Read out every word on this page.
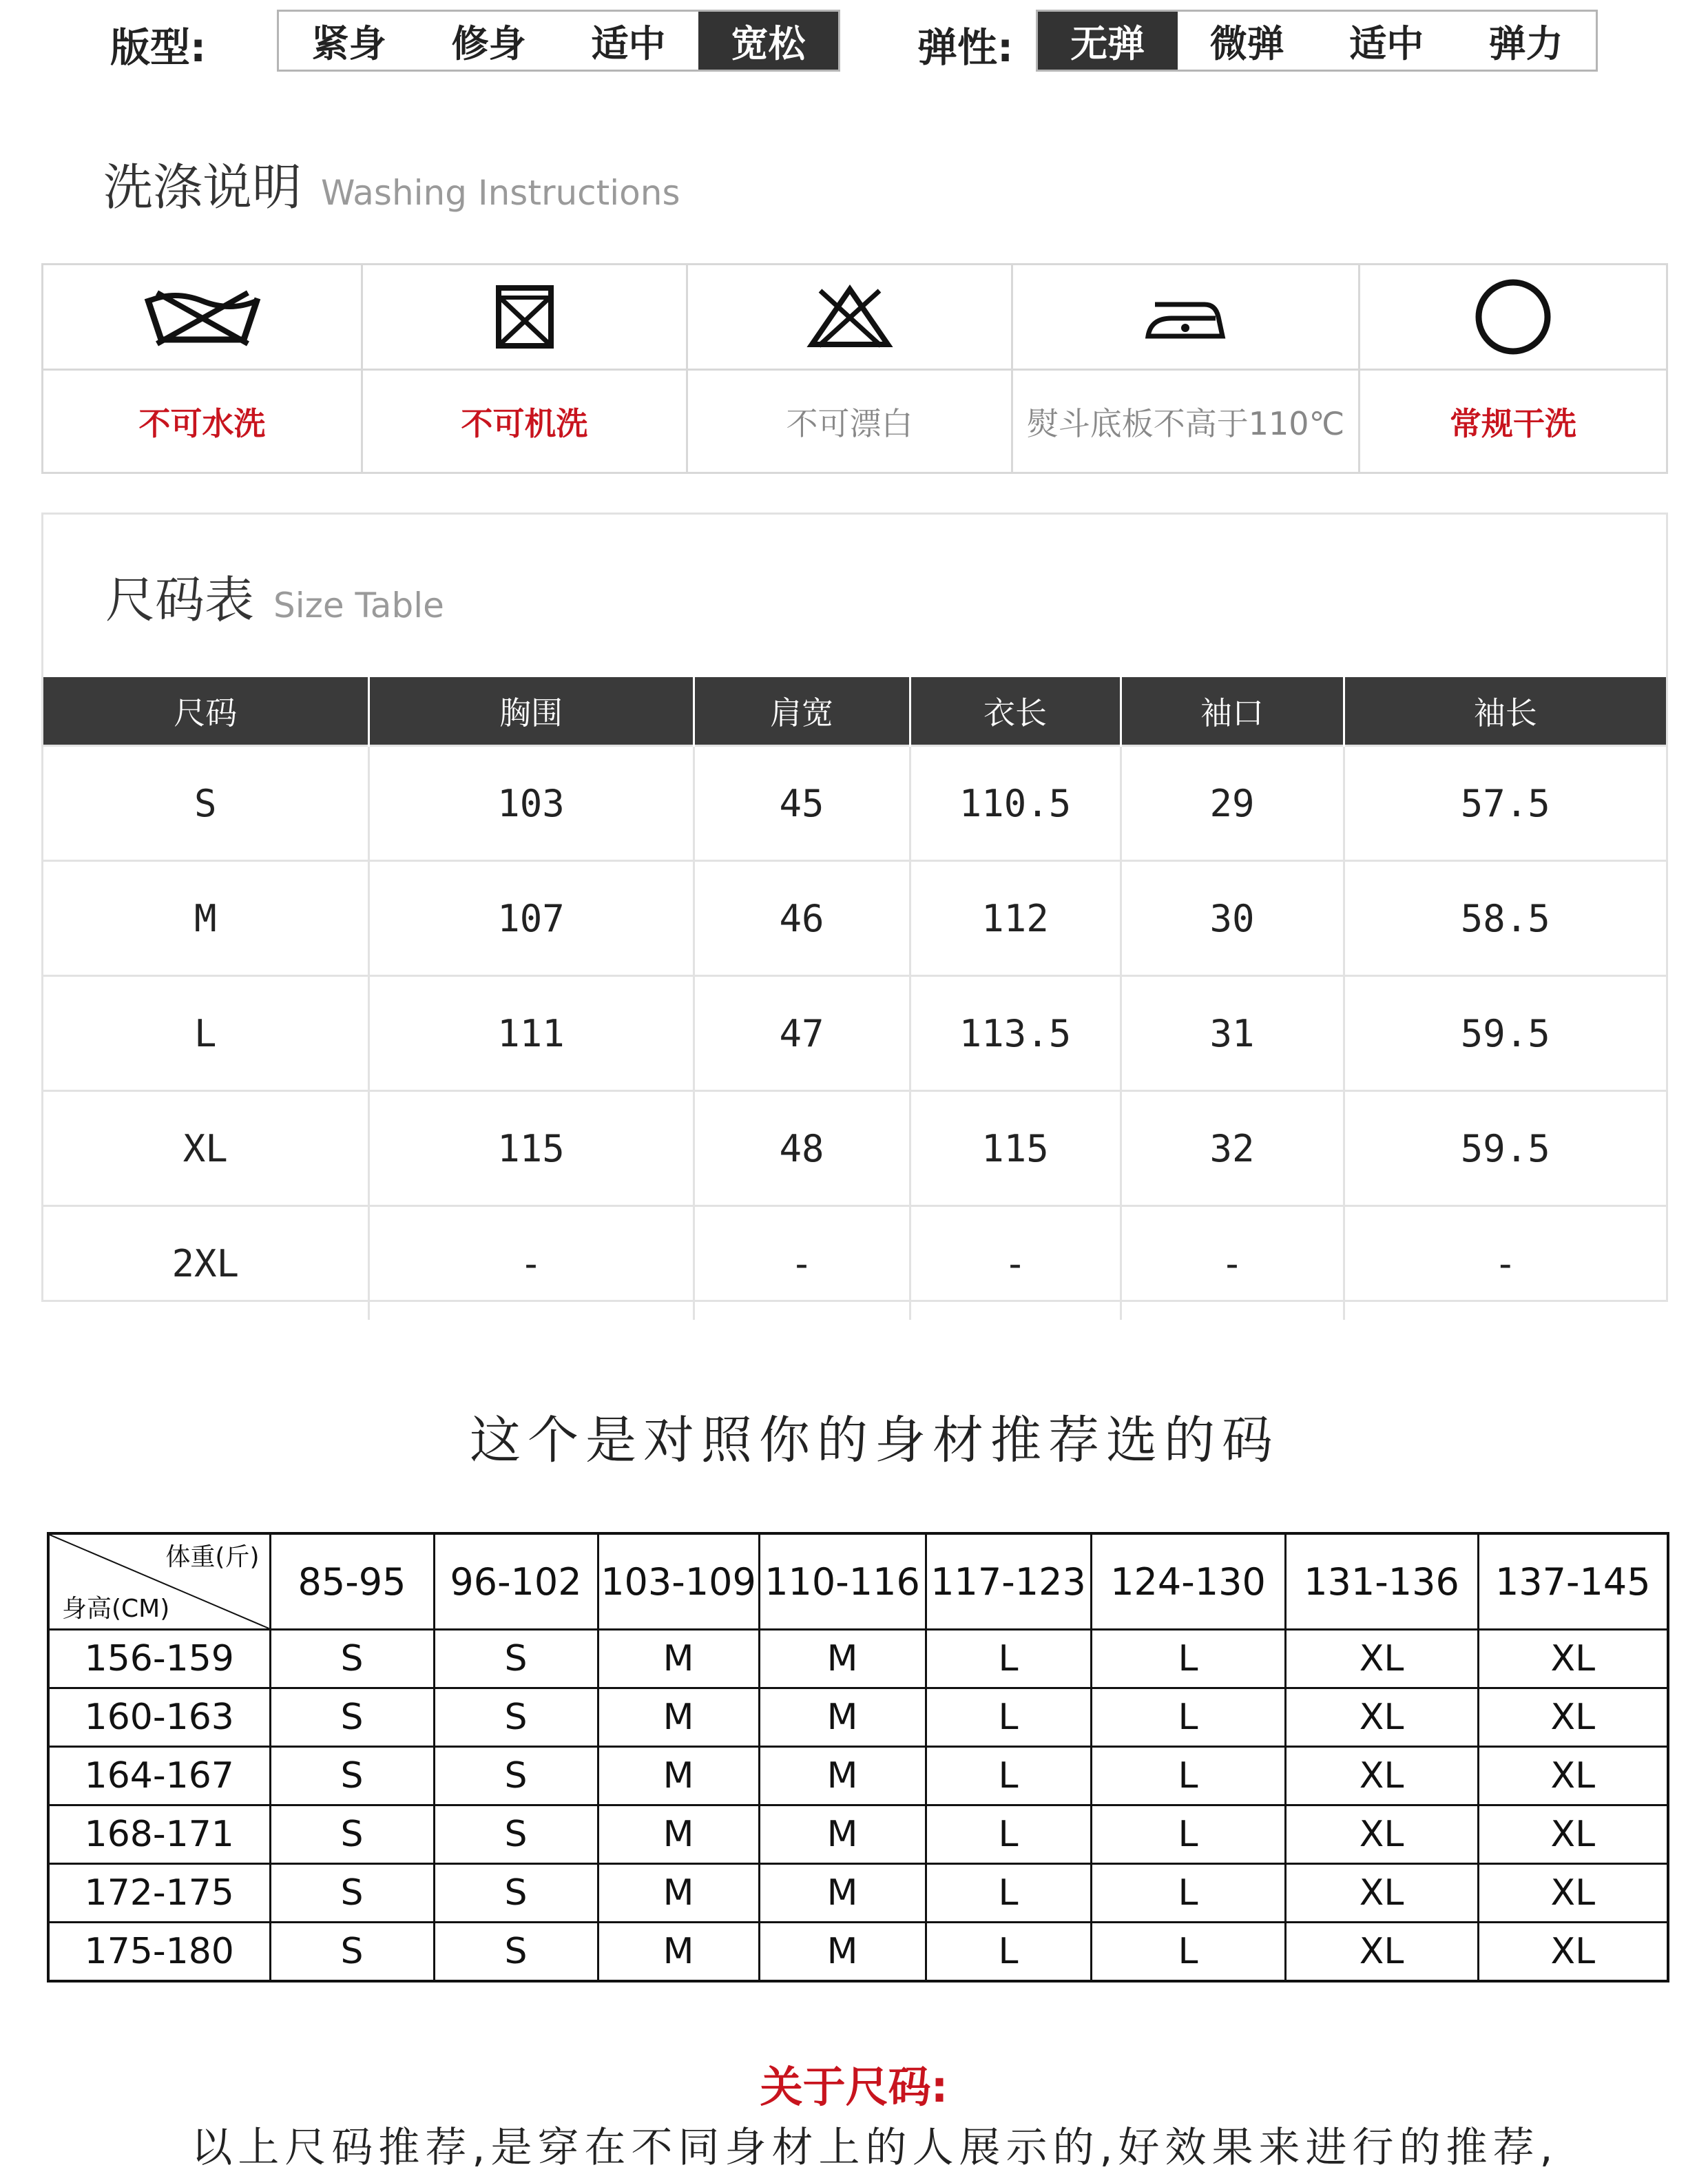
版型:	紧身	修身	适中	宽松	弹性:	无弹	微弹	适中	弹力
洗涤说明 Washing Instructions
不可水洗	不可机洗	不可漂白	熨斗底板不高于110℃	常规干洗
尺码表 Size Table
尺码	胸围	肩宽	衣长	袖口	袖长
S	103	45	110.5	29	57.5
M	107	46	112	30	58.5
L	111	47	113.5	31	59.5
XL	115	48	115	32	59.5
2XL	-	-	-	-	-
这个是对照你的身材推荐选的码
体重(斤)
身高(CM)	85-95	96-102	103-109	110-116	117-123	124-130	131-136	137-145
156-159	S	S	M	M	L	L	XL	XL
160-163	S	S	M	M	L	L	XL	XL
164-167	S	S	M	M	L	L	XL	XL
168-171	S	S	M	M	L	L	XL	XL
172-175	S	S	M	M	L	L	XL	XL
175-180	S	S	M	M	L	L	XL	XL
关于尺码:
以上尺码推荐,是穿在不同身材上的人展示的,好效果来进行的推荐,
